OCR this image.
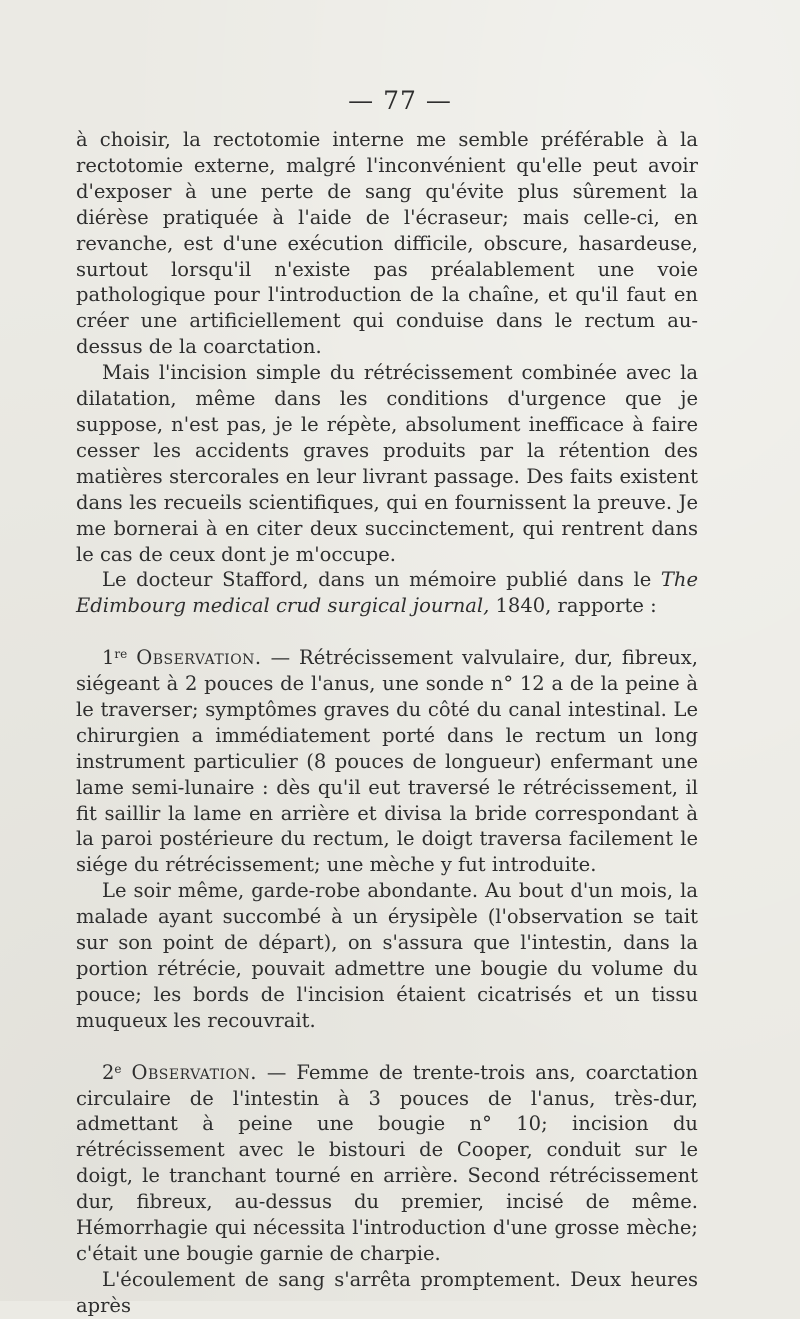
— 77 —

à choisir, la rectotomie interne me semble préférable à la rectotomie externe, malgré l'inconvénient qu'elle peut avoir d'exposer à une perte de sang qu'évite plus sûrement la diérèse pratiquée à l'aide de l'écraseur; mais celle-ci, en revanche, est d'une exécution difficile, obscure, hasardeuse, surtout lorsqu'il n'existe pas préalablement une voie pathologique pour l'introduction de la chaîne, et qu'il faut en créer une artificiellement qui conduise dans le rectum au-dessus de la coarctation.

Mais l'incision simple du rétrécissement combinée avec la dilatation, même dans les conditions d'urgence que je suppose, n'est pas, je le répète, absolument inefficace à faire cesser les accidents graves produits par la rétention des matières stercorales en leur livrant passage. Des faits existent dans les recueils scientifiques, qui en fournissent la preuve. Je me bornerai à en citer deux succinctement, qui rentrent dans le cas de ceux dont je m'occupe.

Le docteur Stafford, dans un mémoire publié dans le The Edimbourg medical crud surgical journal, 1840, rapporte :

1re Observation. — Rétrécissement valvulaire, dur, fibreux, siégeant à 2 pouces de l'anus, une sonde n° 12 a de la peine à le traverser; symptômes graves du côté du canal intestinal. Le chirurgien a immédiatement porté dans le rectum un long instrument particulier (8 pouces de longueur) enfermant une lame semi-lunaire : dès qu'il eut traversé le rétrécissement, il fit saillir la lame en arrière et divisa la bride correspondant à la paroi postérieure du rectum, le doigt traversa facilement le siége du rétrécissement; une mèche y fut introduite.

Le soir même, garde-robe abondante. Au bout d'un mois, la malade ayant succombé à un érysipèle (l'observation se tait sur son point de départ), on s'assura que l'intestin, dans la portion rétrécie, pouvait admettre une bougie du volume du pouce; les bords de l'incision étaient cicatrisés et un tissu muqueux les recouvrait.

2e Observation. — Femme de trente-trois ans, coarctation circulaire de l'intestin à 3 pouces de l'anus, très-dur, admettant à peine une bougie n° 10; incision du rétrécissement avec le bistouri de Cooper, conduit sur le doigt, le tranchant tourné en arrière. Second rétrécissement dur, fibreux, au-dessus du premier, incisé de même. Hémorrhagie qui nécessita l'introduction d'une grosse mèche; c'était une bougie garnie de charpie.

L'écoulement de sang s'arrêta promptement. Deux heures après
